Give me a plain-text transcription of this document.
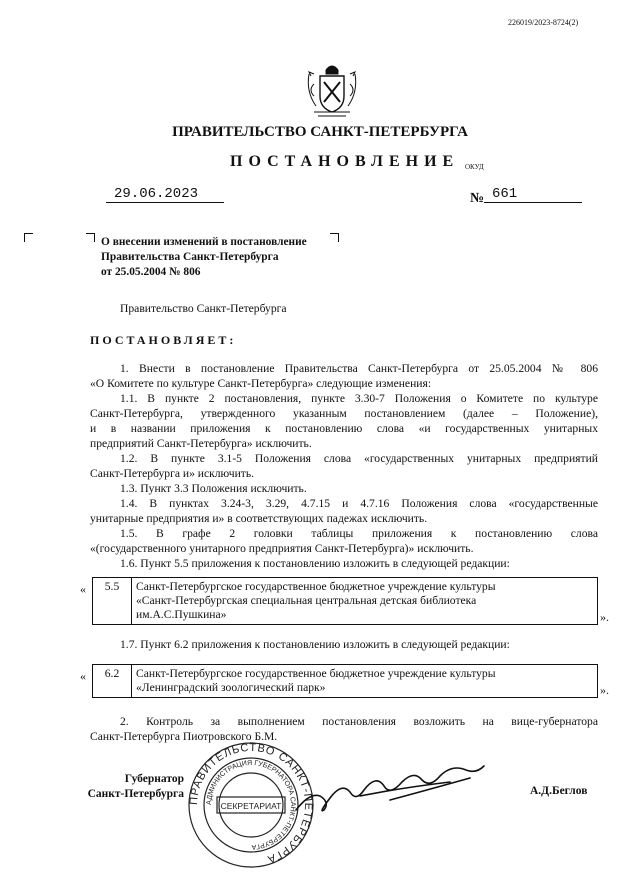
226019/2023-8724(2)
ПРАВИТЕЛЬСТВО САНКТ-ПЕТЕРБУРГА
ПОСТАНОВЛЕНИЕ ОКУД
29.06.2023	№ 661
О внесении изменений в постановление
Правительства Санкт-Петербурга
от 25.05.2004 № 806
Правительство Санкт-Петербурга
ПОСТАНОВЛЯЕТ:
1. Внести в постановление Правительства Санкт-Петербурга от 25.05.2004 № 806
«О Комитете по культуре Санкт-Петербурга» следующие изменения:
1.1. В пункте 2 постановления, пункте 3.30-7 Положения о Комитете по культуре
Санкт-Петербурга, утвержденного указанным постановлением (далее – Положение),
и в названии приложения к постановлению слова «и государственных унитарных
предприятий Санкт-Петербурга» исключить.
1.2. В пункте 3.1-5 Положения слова «государственных унитарных предприятий
Санкт-Петербурга и» исключить.
1.3. Пункт 3.3 Положения исключить.
1.4. В пунктах 3.24-3, 3.29, 4.7.15 и 4.7.16 Положения слова «государственные
унитарные предприятия и» в соответствующих падежах исключить.
1.5. В графе 2 головки таблицы приложения к постановлению слова
«(государственного унитарного предприятия Санкт-Петербурга)» исключить.
1.6. Пункт 5.5 приложения к постановлению изложить в следующей редакции:
« 5.5	Санкт-Петербургское государственное бюджетное учреждение культуры
«Санкт-Петербургская специальная центральная детская библиотека
им.А.С.Пушкина»	».
1.7. Пункт 6.2 приложения к постановлению изложить в следующей редакции:
« 6.2	Санкт-Петербургское государственное бюджетное учреждение культуры
«Ленинградский зоологический парк»	».
2. Контроль за выполнением постановления возложить на вице-губернатора
Санкт-Петербурга Пиотровского Б.М.
Губернатор
Санкт-Петербурга
ПРАВИТЕЛЬСТВО САНКТ-ПЕТЕРБУРГА
АДМИНИСТРАЦИЯ ГУБЕРНАТОРА САНКТ-ПЕТЕРБУРГА
СЕКРЕТАРИАТ
А.Д.Беглов
